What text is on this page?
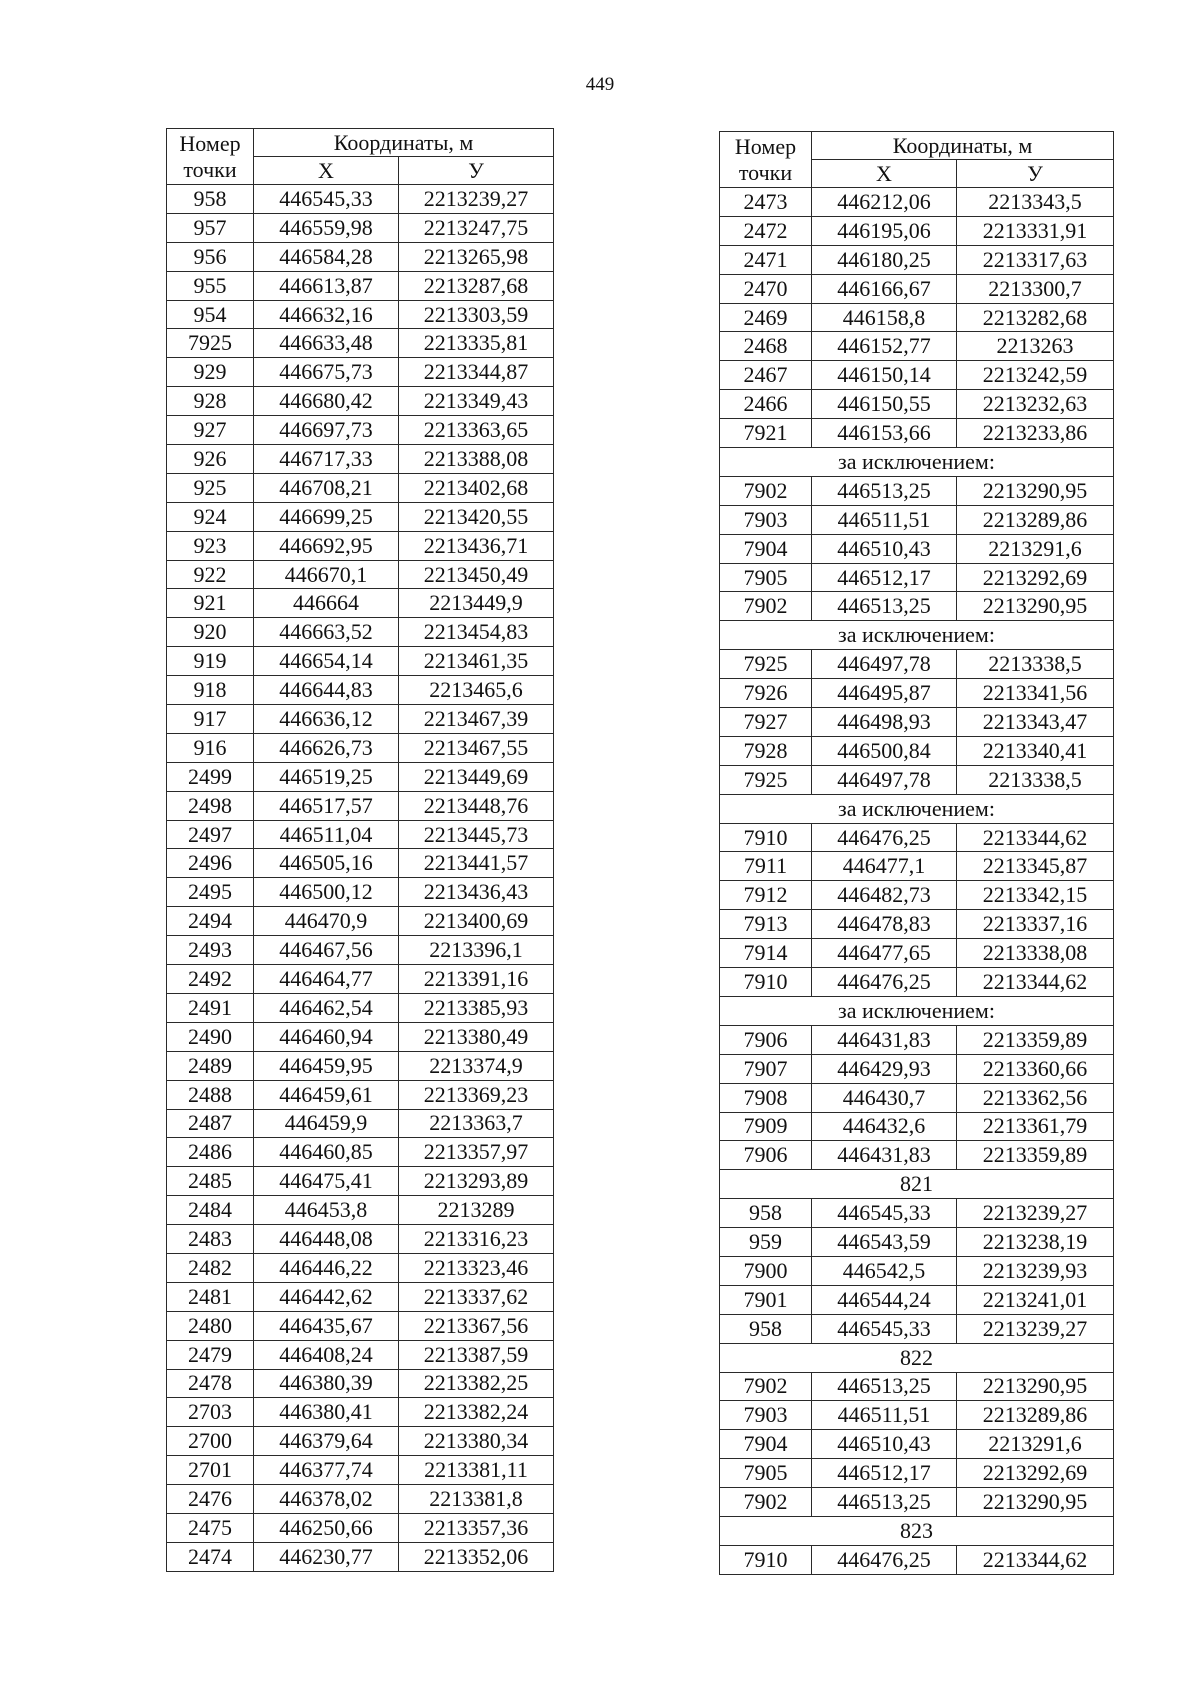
449
Номер
точки	Координаты, м	
	Х	У
958	446545,33	2213239,27
957	446559,98	2213247,75
956	446584,28	2213265,98
955	446613,87	2213287,68
954	446632,16	2213303,59
7925	446633,48	2213335,81
929	446675,73	2213344,87
928	446680,42	2213349,43
927	446697,73	2213363,65
926	446717,33	2213388,08
925	446708,21	2213402,68
924	446699,25	2213420,55
923	446692,95	2213436,71
922	446670,1	2213450,49
921	446664	2213449,9
920	446663,52	2213454,83
919	446654,14	2213461,35
918	446644,83	2213465,6
917	446636,12	2213467,39
916	446626,73	2213467,55
2499	446519,25	2213449,69
2498	446517,57	2213448,76
2497	446511,04	2213445,73
2496	446505,16	2213441,57
2495	446500,12	2213436,43
2494	446470,9	2213400,69
2493	446467,56	2213396,1
2492	446464,77	2213391,16
2491	446462,54	2213385,93
2490	446460,94	2213380,49
2489	446459,95	2213374,9
2488	446459,61	2213369,23
2487	446459,9	2213363,7
2486	446460,85	2213357,97
2485	446475,41	2213293,89
2484	446453,8	2213289
2483	446448,08	2213316,23
2482	446446,22	2213323,46
2481	446442,62	2213337,62
2480	446435,67	2213367,56
2479	446408,24	2213387,59
2478	446380,39	2213382,25
2703	446380,41	2213382,24
2700	446379,64	2213380,34
2701	446377,74	2213381,11
2476	446378,02	2213381,8
2475	446250,66	2213357,36
2474	446230,77	2213352,06
Номер
точки	Координаты, м	
	Х	У
2473	446212,06	2213343,5
2472	446195,06	2213331,91
2471	446180,25	2213317,63
2470	446166,67	2213300,7
2469	446158,8	2213282,68
2468	446152,77	2213263
2467	446150,14	2213242,59
2466	446150,55	2213232,63
7921	446153,66	2213233,86
за исключением:		
7902	446513,25	2213290,95
7903	446511,51	2213289,86
7904	446510,43	2213291,6
7905	446512,17	2213292,69
7902	446513,25	2213290,95
за исключением:		
7925	446497,78	2213338,5
7926	446495,87	2213341,56
7927	446498,93	2213343,47
7928	446500,84	2213340,41
7925	446497,78	2213338,5
за исключением:		
7910	446476,25	2213344,62
7911	446477,1	2213345,87
7912	446482,73	2213342,15
7913	446478,83	2213337,16
7914	446477,65	2213338,08
7910	446476,25	2213344,62
за исключением:		
7906	446431,83	2213359,89
7907	446429,93	2213360,66
7908	446430,7	2213362,56
7909	446432,6	2213361,79
7906	446431,83	2213359,89
821		
958	446545,33	2213239,27
959	446543,59	2213238,19
7900	446542,5	2213239,93
7901	446544,24	2213241,01
958	446545,33	2213239,27
822		
7902	446513,25	2213290,95
7903	446511,51	2213289,86
7904	446510,43	2213291,6
7905	446512,17	2213292,69
7902	446513,25	2213290,95
823		
7910	446476,25	2213344,62
